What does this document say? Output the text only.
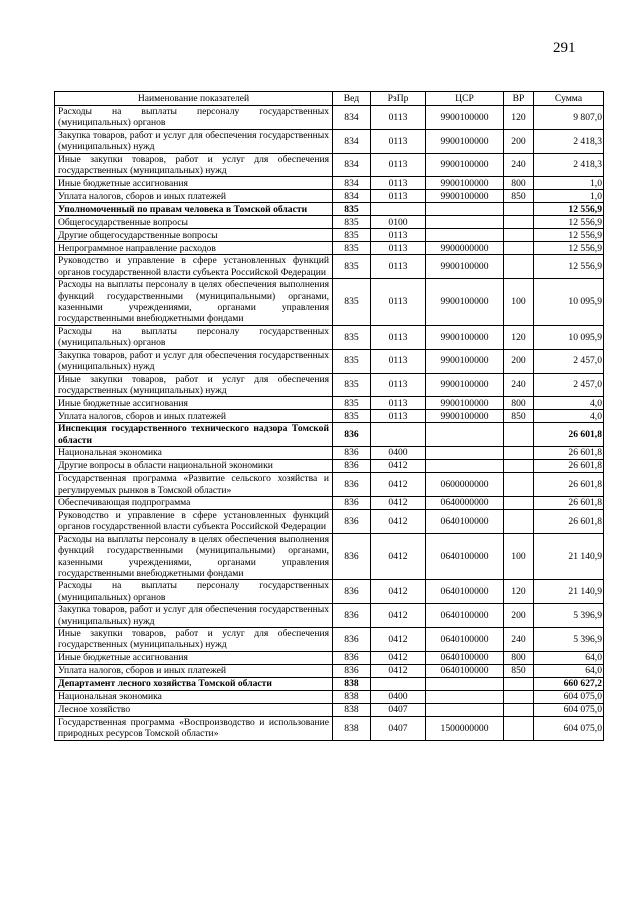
291
Наименование показателей	Вед	РзПр	ЦСР	ВР	Сумма
Расходы на выплаты персоналу государственных (муниципальных) органов	834	0113	9900100000	120	9 807,0
Закупка товаров, работ и услуг для обеспечения государственных (муниципальных) нужд	834	0113	9900100000	200	2 418,3
Иные закупки товаров, работ и услуг для обеспечения государственных (муниципальных) нужд	834	0113	9900100000	240	2 418,3
Иные бюджетные ассигнования	834	0113	9900100000	800	1,0
Уплата налогов, сборов и иных платежей	834	0113	9900100000	850	1,0
Уполномоченный по правам человека в Томской области	835				12 556,9
Общегосударственные вопросы	835	0100			12 556,9
Другие общегосударственные вопросы	835	0113			12 556,9
Непрограммное направление расходов	835	0113	9900000000		12 556,9
Руководство и управление в сфере установленных функций органов государственной власти субъекта Российской Федерации	835	0113	9900100000		12 556,9
Расходы на выплаты персоналу в целях обеспечения выполнения функций государственными (муниципальными) органами, казенными учреждениями, органами управления государственными внебюджетными фондами	835	0113	9900100000	100	10 095,9
Расходы на выплаты персоналу государственных (муниципальных) органов	835	0113	9900100000	120	10 095,9
Закупка товаров, работ и услуг для обеспечения государственных (муниципальных) нужд	835	0113	9900100000	200	2 457,0
Иные закупки товаров, работ и услуг для обеспечения государственных (муниципальных) нужд	835	0113	9900100000	240	2 457,0
Иные бюджетные ассигнования	835	0113	9900100000	800	4,0
Уплата налогов, сборов и иных платежей	835	0113	9900100000	850	4,0
Инспекция государственного технического надзора Томской области	836				26 601,8
Национальная экономика	836	0400			26 601,8
Другие вопросы в области национальной экономики	836	0412			26 601,8
Государственная программа «Развитие сельского хозяйства и регулируемых рынков в Томской области»	836	0412	0600000000		26 601,8
Обеспечивающая подпрограмма	836	0412	0640000000		26 601,8
Руководство и управление в сфере установленных функций органов государственной власти субъекта Российской Федерации	836	0412	0640100000		26 601,8
Расходы на выплаты персоналу в целях обеспечения выполнения функций государственными (муниципальными) органами, казенными учреждениями, органами управления государственными внебюджетными фондами	836	0412	0640100000	100	21 140,9
Расходы на выплаты персоналу государственных (муниципальных) органов	836	0412	0640100000	120	21 140,9
Закупка товаров, работ и услуг для обеспечения государственных (муниципальных) нужд	836	0412	0640100000	200	5 396,9
Иные закупки товаров, работ и услуг для обеспечения государственных (муниципальных) нужд	836	0412	0640100000	240	5 396,9
Иные бюджетные ассигнования	836	0412	0640100000	800	64,0
Уплата налогов, сборов и иных платежей	836	0412	0640100000	850	64,0
Департамент лесного хозяйства Томской области	838				660 627,2
Национальная экономика	838	0400			604 075,0
Лесное хозяйство	838	0407			604 075,0
Государственная программа «Воспроизводство и использование природных ресурсов Томской области»	838	0407	1500000000		604 075,0
